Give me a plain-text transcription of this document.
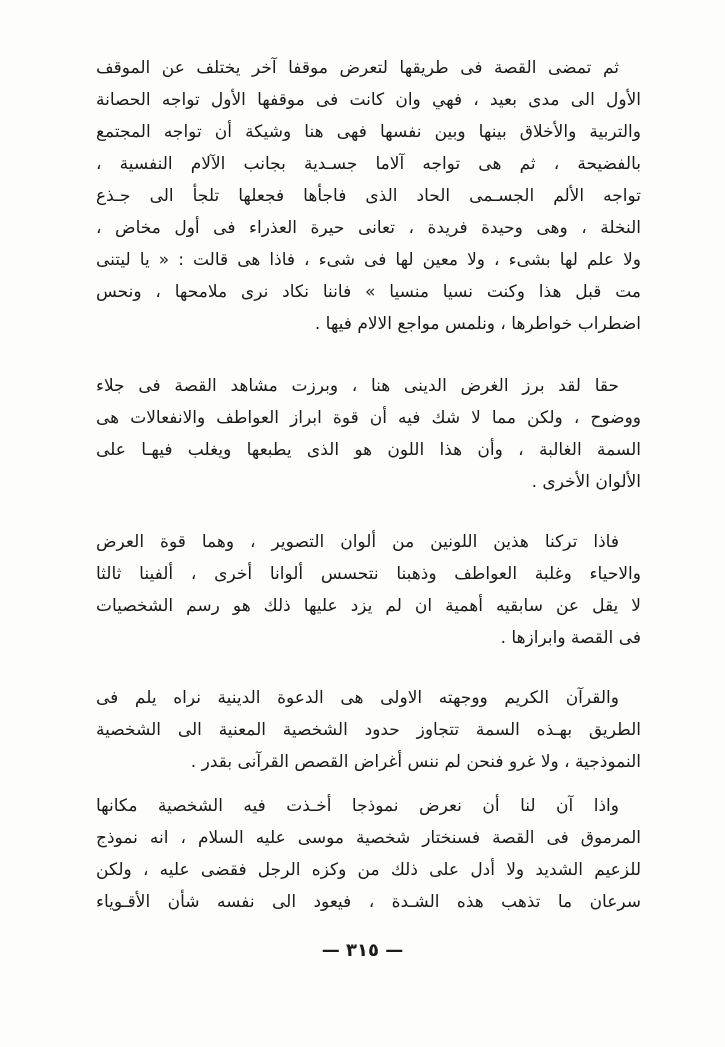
ثم تمضى القصة فى طريقها لتعرض موقفا آخر يختلف عن الموقف
الأول الى مدى بعيد ، فهي وان كانت فى موقفها الأول تواجه الحصانة
والتربية والأخلاق بينها وبين نفسها فهى هنا وشيكة أن تواجه المجتمع
بالفضيحة ، ثم هى تواجه آلاما جسـدية بجانب الآلام النفسية ،
تواجه الألم الجسـمى الحاد الذى فاجأها فجعلها تلجأ الى جـذع
النخلة ، وهى وحيدة فريدة ، تعانى حيرة العذراء فى أول مخاض ،
ولا علم لها بشىء ، ولا معين لها فى شىء ، فاذا هى قالت : « يا ليتنى
مت قبل هذا وكنت نسيا منسيا » فاننا نكاد نرى ملامحها ، ونحس
اضطراب خواطرها ، ونلمس مواجع الالام فيها .

حقا لقد برز الغرض الدينى هنا ، وبرزت مشاهد القصة فى جلاء
ووضوح ، ولكن مما لا شك فيه أن قوة ابراز العواطف والانفعالات هى
السمة الغالبة ، وأن هذا اللون هو الذى يطبعها ويغلب فيهـا على
الألوان الأخرى .

فاذا تركنا هذين اللونين من ألوان التصوير ، وهما قوة العرض
والاحياء وغلبة العواطف وذهبنا نتحسس ألوانا أخرى ، ألفينا ثالثا
لا يقل عن سابقيه أهمية ان لم يزد عليها ذلك هو رسم الشخصيات
فى القصة وابرازها .

والقرآن الكريم ووجهته الاولى هى الدعوة الدينية نراه يلم فى
الطريق بهـذه السمة تتجاوز حدود الشخصية المعنية الى الشخصية
النموذجية ، ولا غرو فنحن لم ننس أغراض القصص القرآنى بقدر .

واذا آن لنا أن نعرض نموذجا أخـذت فيه الشخصية مكانها
المرموق فى القصة فسنختار شخصية موسى عليه السلام ، انه نموذج
للزعيم الشديد ولا أدل على ذلك من وكزه الرجل فقضى عليه ، ولكن
سرعان ما تذهب هذه الشـدة ، فيعود الى نفسه شأن الأقـوياء

— ٣١٥ —
